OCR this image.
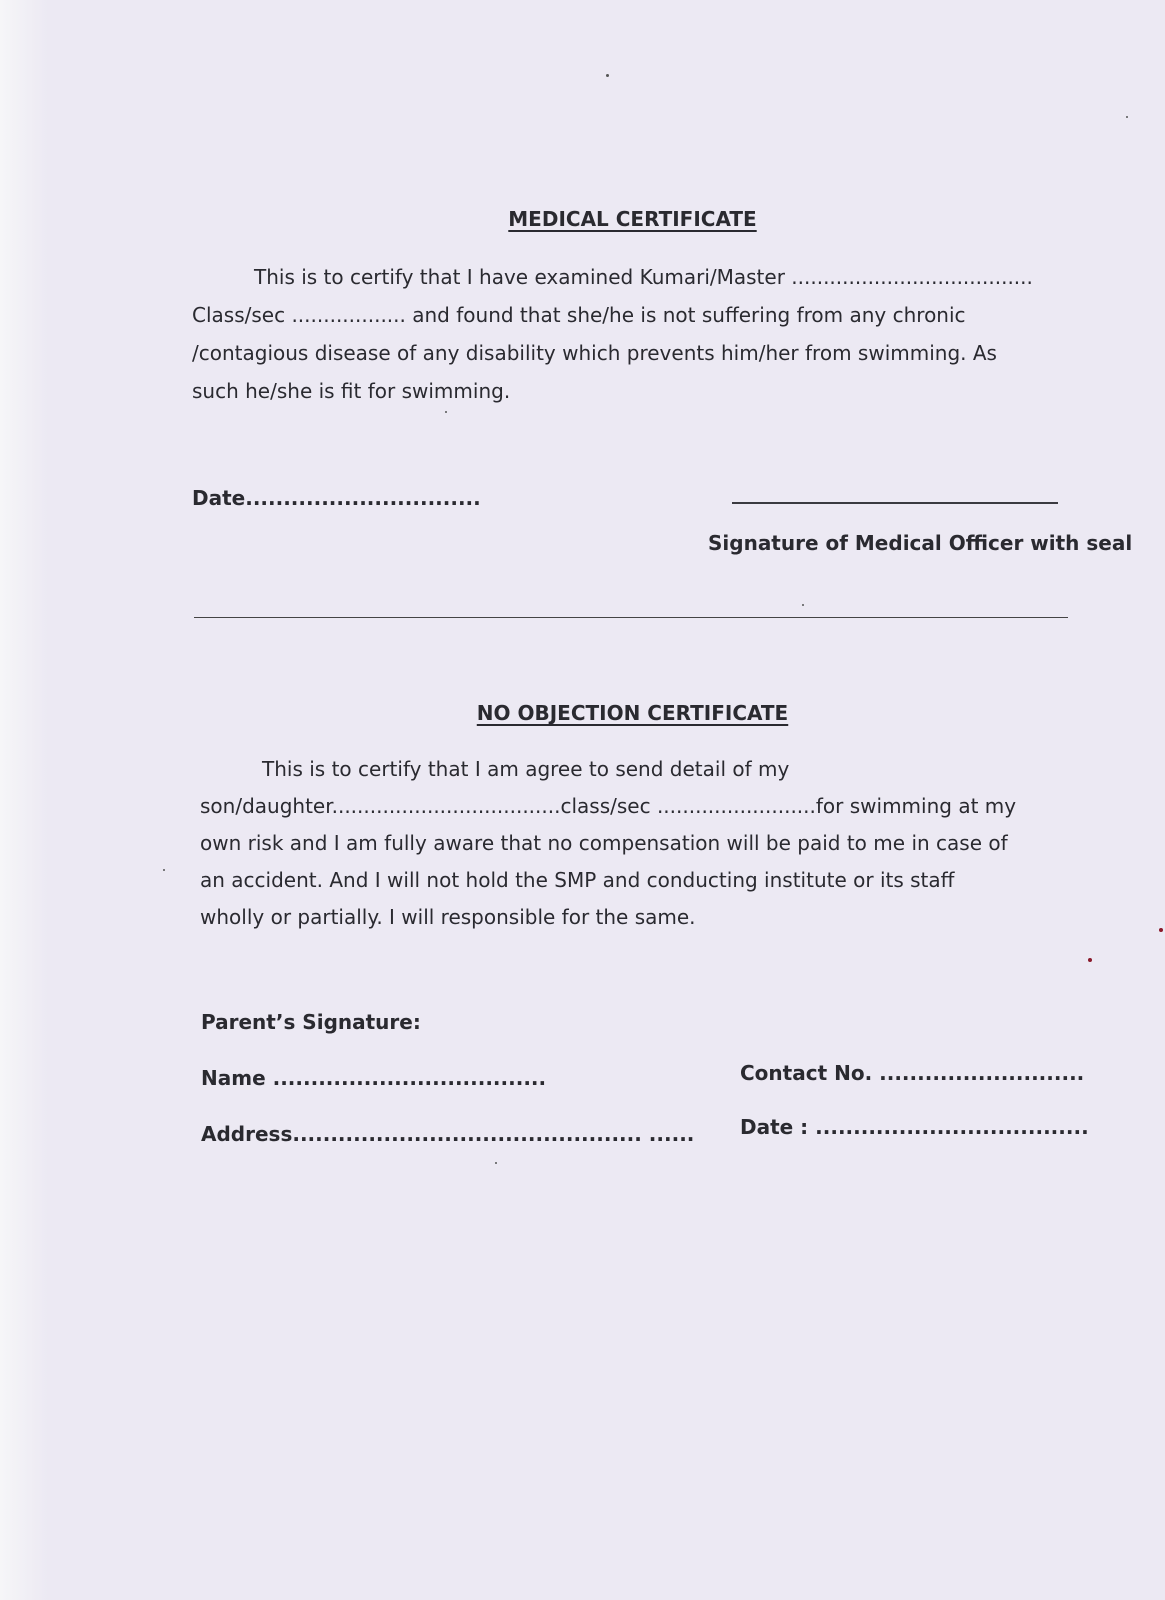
MEDICAL CERTIFICATE
This is to certify that I have examined Kumari/Master ......................................
Class/sec .................. and found that she/he is not suffering from any chronic
/contagious disease of any disability which prevents him/her from swimming. As
such he/she is fit for swimming.
Date...............................
Signature of Medical Officer with seal
NO OBJECTION CERTIFICATE
This is to certify that I am agree to send detail of my
son/daughter....................................class/sec .........................for swimming at my
own risk and I am fully aware that no compensation will be paid to me in case of
an accident. And I will not hold the SMP and conducting institute or its staff
wholly or partially. I will responsible for the same.
Parent’s Signature:
Name ....................................
Address.............................................. ......
Contact No. ...........................
Date : ....................................
